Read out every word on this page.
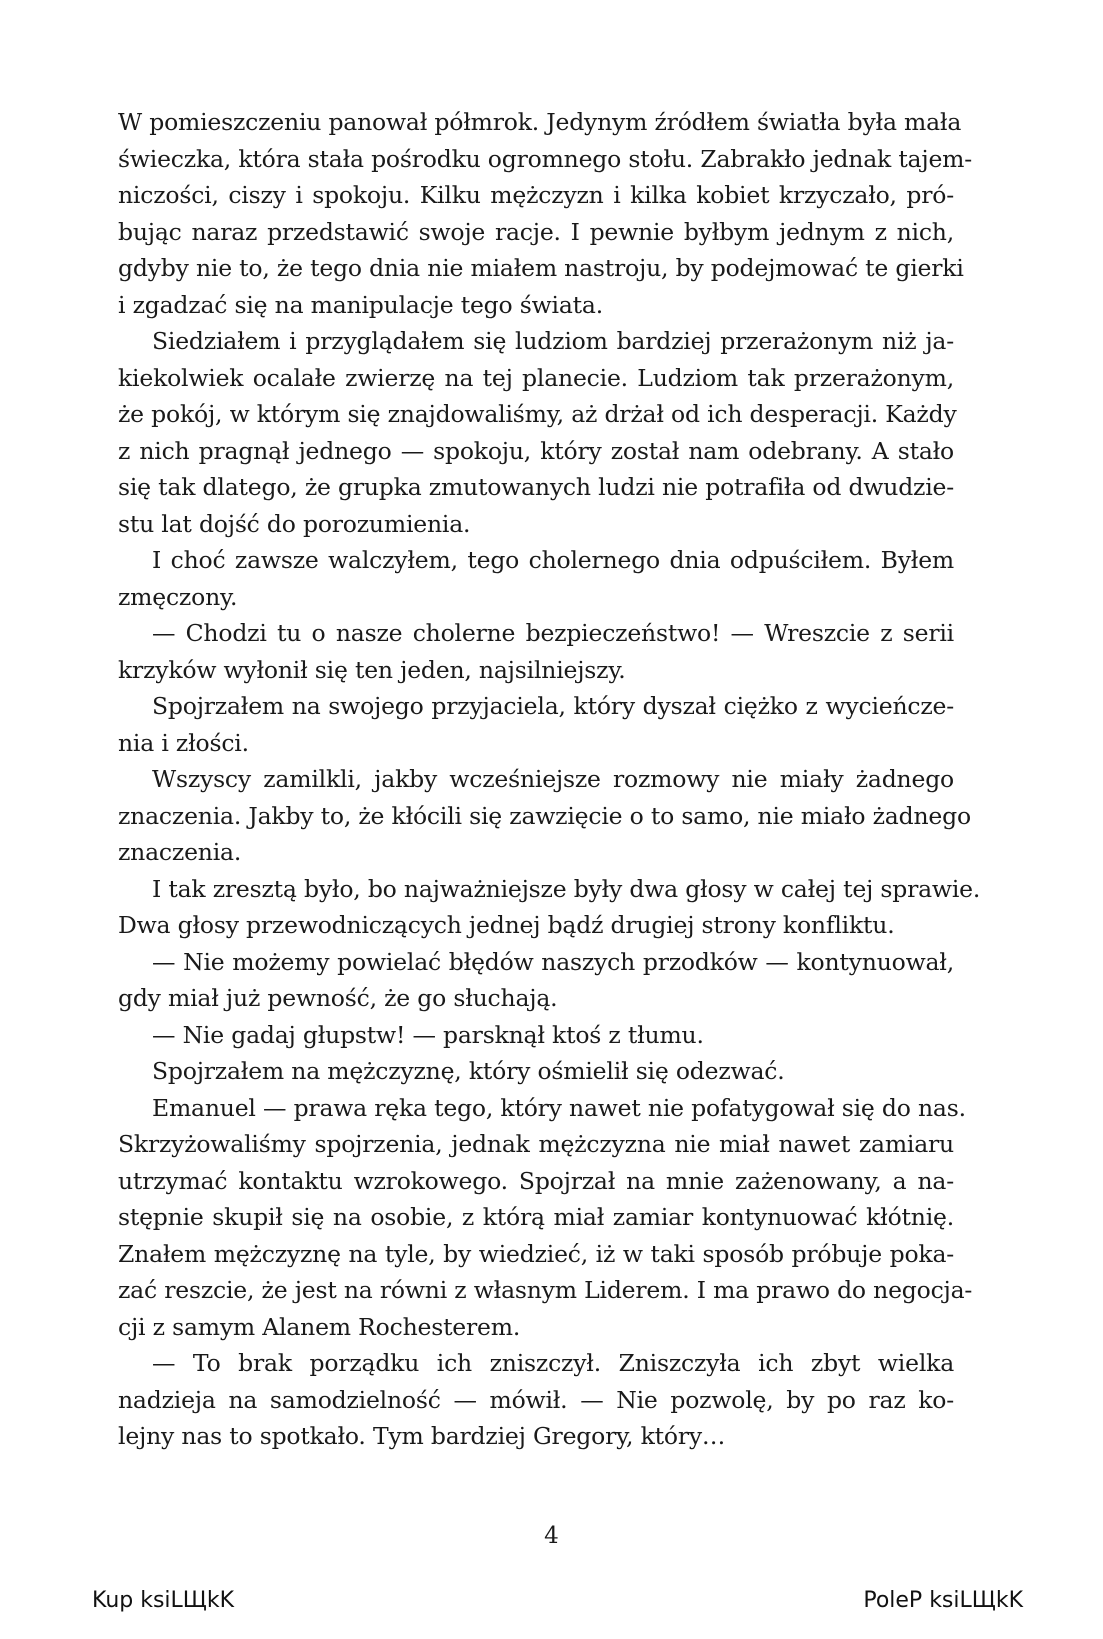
W pomieszczeniu panował półmrok. Jedynym źródłem światła była mała
świeczka, która stała pośrodku ogromnego stołu. Zabrakło jednak tajem-
niczości, ciszy i spokoju. Kilku mężczyzn i kilka kobiet krzyczało, pró-
bując naraz przedstawić swoje racje. I pewnie byłbym jednym z nich,
gdyby nie to, że tego dnia nie miałem nastroju, by podejmować te gierki
i zgadzać się na manipulacje tego świata.
Siedziałem i przyglądałem się ludziom bardziej przerażonym niż ja-
kiekolwiek ocalałe zwierzę na tej planecie. Ludziom tak przerażonym,
że pokój, w którym się znajdowaliśmy, aż drżał od ich desperacji. Każdy
z nich pragnął jednego — spokoju, który został nam odebrany. A stało
się tak dlatego, że grupka zmutowanych ludzi nie potrafiła od dwudzie-
stu lat dojść do porozumienia.
I choć zawsze walczyłem, tego cholernego dnia odpuściłem. Byłem
zmęczony.
— Chodzi tu o nasze cholerne bezpieczeństwo! — Wreszcie z serii
krzyków wyłonił się ten jeden, najsilniejszy.
Spojrzałem na swojego przyjaciela, który dyszał ciężko z wycieńcze-
nia i złości.
Wszyscy zamilkli, jakby wcześniejsze rozmowy nie miały żadnego
znaczenia. Jakby to, że kłócili się zawzięcie o to samo, nie miało żadnego
znaczenia.
I tak zresztą było, bo najważniejsze były dwa głosy w całej tej sprawie.
Dwa głosy przewodniczących jednej bądź drugiej strony konfliktu.
— Nie możemy powielać błędów naszych przodków — kontynuował,
gdy miał już pewność, że go słuchają.
— Nie gadaj głupstw! — parsknął ktoś z tłumu.
Spojrzałem na mężczyznę, który ośmielił się odezwać.
Emanuel — prawa ręka tego, który nawet nie pofatygował się do nas.
Skrzyżowaliśmy spojrzenia, jednak mężczyzna nie miał nawet zamiaru
utrzymać kontaktu wzrokowego. Spojrzał na mnie zażenowany, a na-
stępnie skupił się na osobie, z którą miał zamiar kontynuować kłótnię.
Znałem mężczyznę na tyle, by wiedzieć, iż w taki sposób próbuje poka-
zać reszcie, że jest na równi z własnym Liderem. I ma prawo do negocja-
cji z samym Alanem Rochesterem.
— To brak porządku ich zniszczył. Zniszczyła ich zbyt wielka
nadzieja na samodzielność — mówił. — Nie pozwolę, by po raz ko-
lejny nas to spotkało. Tym bardziej Gregory, który…
4
Kup ksiLЩkK	PoleP ksiLЩkK
